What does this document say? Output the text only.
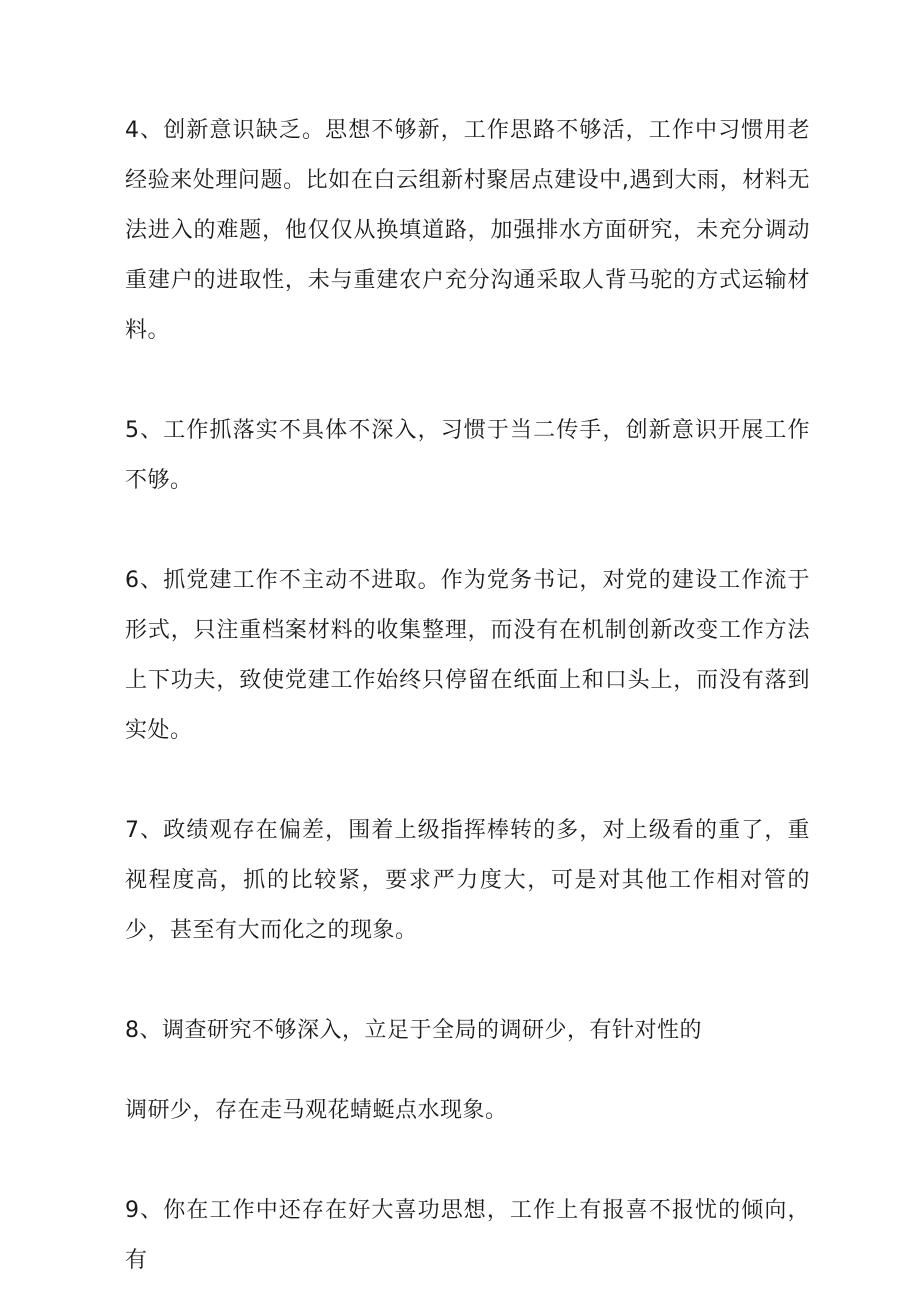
4、创新意识缺乏。思想不够新，工作思路不够活，工作中习惯用老经验来处理问题。比如在白云组新村聚居点建设中,遇到大雨，材料无法进入的难题，他仅仅从换填道路，加强排水方面研究，未充分调动重建户的进取性，未与重建农户充分沟通采取人背马驼的方式运输材料。

5、工作抓落实不具体不深入，习惯于当二传手，创新意识开展工作不够。

6、抓党建工作不主动不进取。作为党务书记，对党的建设工作流于形式，只注重档案材料的收集整理，而没有在机制创新改变工作方法上下功夫，致使党建工作始终只停留在纸面上和口头上，而没有落到实处。

7、政绩观存在偏差，围着上级指挥棒转的多，对上级看的重了，重视程度高，抓的比较紧，要求严力度大，可是对其他工作相对管的少，甚至有大而化之的现象。

8、调查研究不够深入，立足于全局的调研少，有针对性的

调研少，存在走马观花蜻蜓点水现象。

9、你在工作中还存在好大喜功思想，工作上有报喜不报忧的倾向，有
